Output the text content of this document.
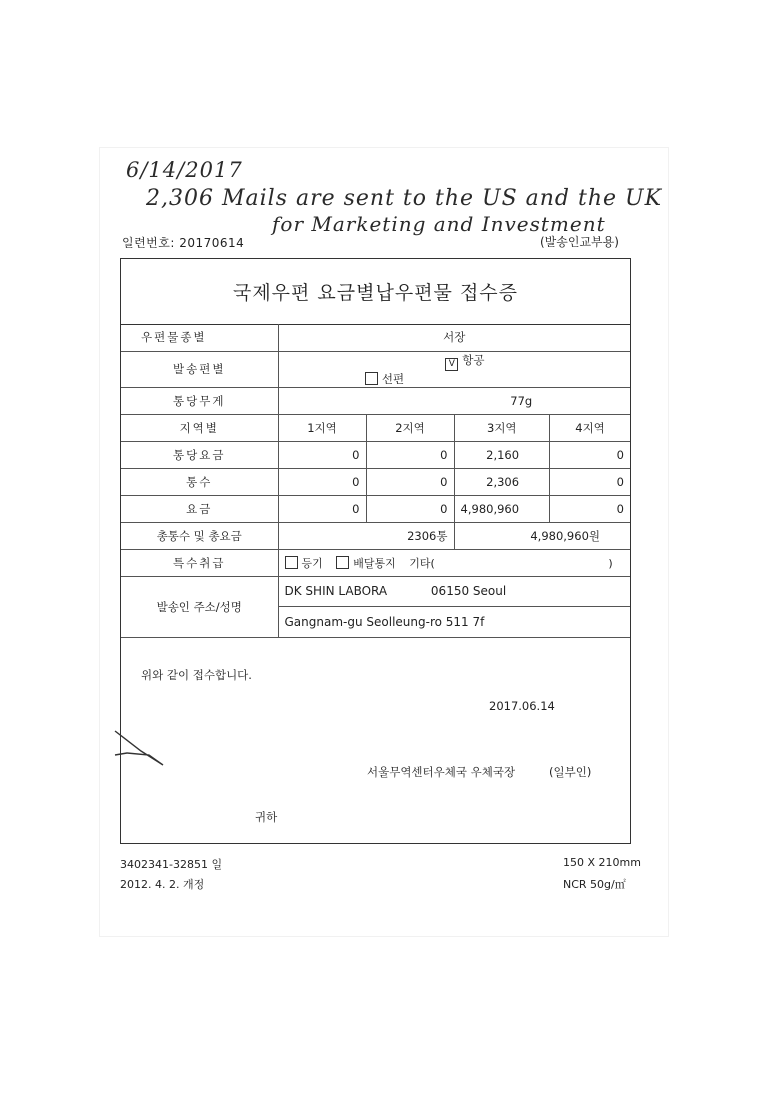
6/14/2017
2,306 Mails are sent to the US and the UK
for Marketing and Investment
일련번호: 20170614	(발송인교부용)
국제우편 요금별납우편물 접수증
우편물종별	서장			
발송편별	V 항공 선편			
통당무게	77g			
지역별	1지역	2지역	3지역	4지역
통당요금	0	0	2,160	0
통수	0	0	2,306	0
요금	0	0	4,980,960	0
총통수 및 총요금	2306통		4,980,960원	
특수취급	등기 배달통지 기타( )			
발송인 주소/성명	DK SHIN LABORA 06150 Seoul			
	Gangnam-gu Seolleung-ro 511 7f			
위와 같이 접수합니다.
2017.06.14
서울무역센터우체국 우체국장	(일부인)
귀하
3402341-32851 일
2012. 4. 2. 개정
150 X 210mm
NCR 50g/㎡
